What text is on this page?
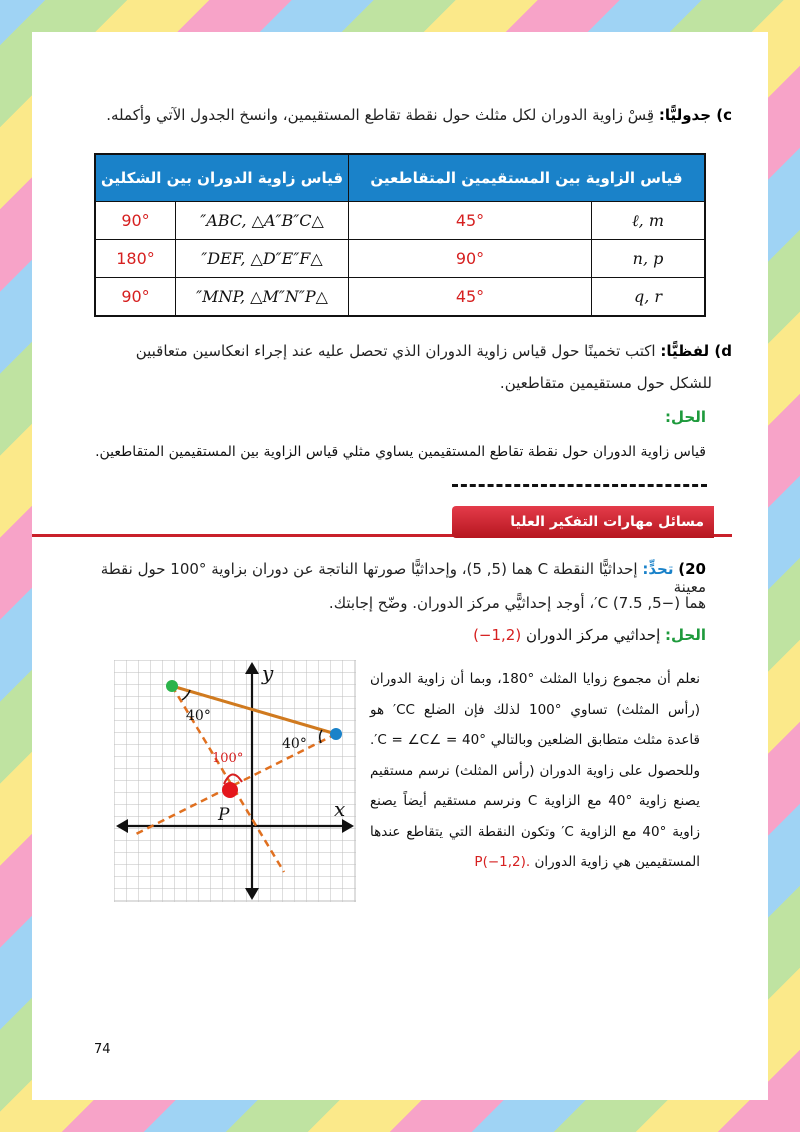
c) جدوليًّا: قِسْ زاوية الدوران لكل مثلث حول نقطة تقاطع المستقيمين، وانسخ الجدول الآتي وأكمله.
قياس الزاوية بين المستقيمين المتقاطعين		قياس زاوية الدوران بين الشكلين	
ℓ, m	45°	△ABC, △A″B″C″	90°
n, p	90°	△DEF, △D″E″F″	180°
q, r	45°	△MNP, △M″N″P″	90°
d) لفظيًّا: اكتب تخمينًا حول قياس زاوية الدوران الذي تحصل عليه عند إجراء انعكاسين متعاقبين
للشكل حول مستقيمين متقاطعين.
الحل:
قياس زاوية الدوران حول نقطة تقاطع المستقيمين يساوي مثلي قياس الزاوية بين المستقيمين المتقاطعين.
مسائل مهارات التفكير العليا
20) تحدٍّ: إحداثيًّا النقطة C هما (5, 5)، وإحداثيًّا صورتها الناتجة عن دوران بزاوية °100 حول نقطة معينة
هما (−5, 7.5) C′، أوجد إحداثيًّي مركز الدوران. وضّح إجابتك.
الحل: إحداثيي مركز الدوران (−1,2)
نعلم أن مجموع زوايا المثلث °180، وبما أن زاوية الدوران (رأس المثلث) تساوي °100 لذلك فإن الضلع CC′ هو قاعدة مثلث متطابق الضلعين وبالتالي °40 = ∠C = ∠C′. وللحصول على زاوية الدوران (رأس المثلث) نرسم مستقيم يصنع زاوية °40 مع الزاوية C ونرسم مستقيم أيضاً يصنع زاوية °40 مع الزاوية C′ وتكون النقطة التي يتقاطع عندها المستقيمين هي زاوية الدوران P(−1,2).
y
x
P
40°
40°
100°
74
